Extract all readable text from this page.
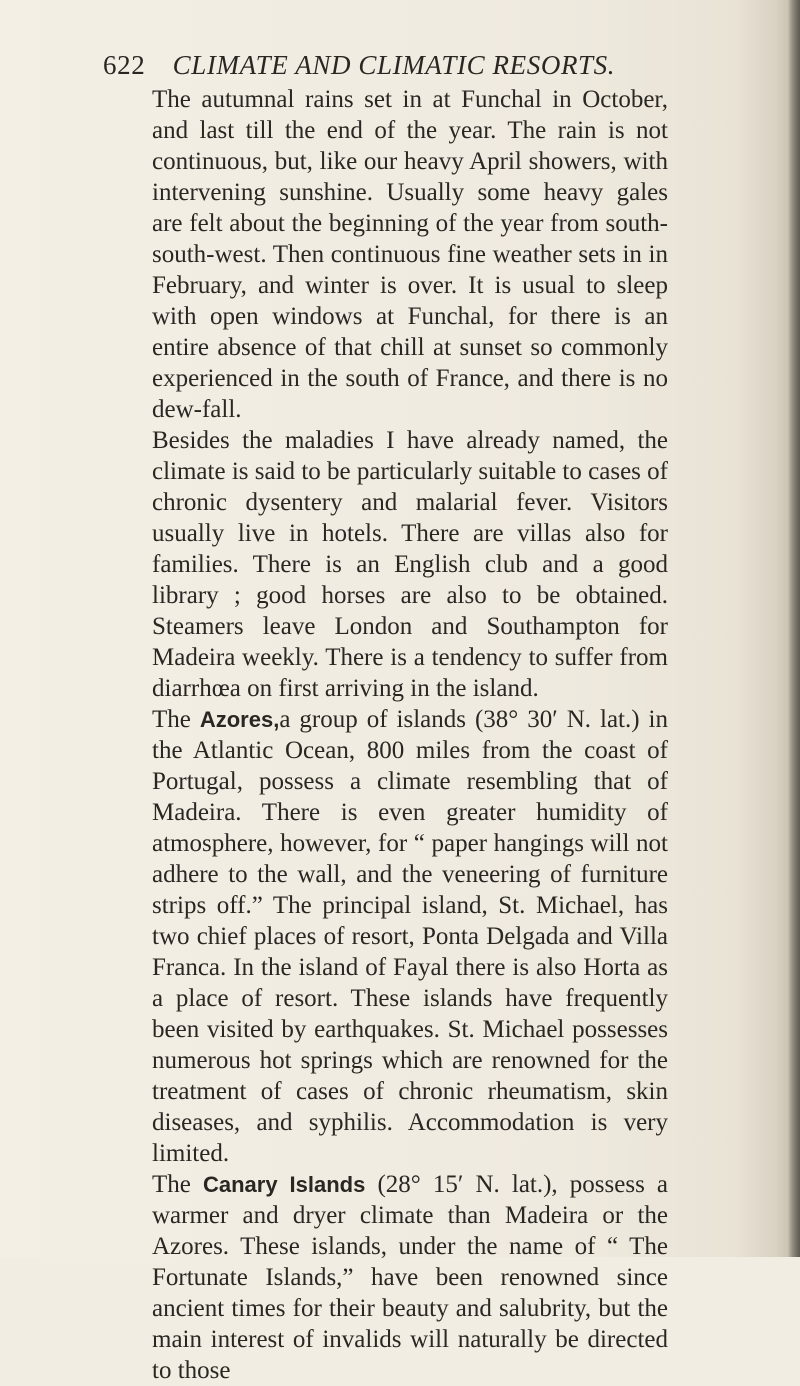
622 CLIMATE AND CLIMATIC RESORTS.

The autumnal rains set in at Funchal in October, and last till the end of the year. The rain is not continuous, but, like our heavy April showers, with intervening sunshine. Usually some heavy gales are felt about the beginning of the year from south-south-west. Then continuous fine weather sets in in February, and winter is over. It is usual to sleep with open windows at Funchal, for there is an entire absence of that chill at sunset so commonly experienced in the south of France, and there is no dew-fall.

Besides the maladies I have already named, the climate is said to be particularly suitable to cases of chronic dysentery and malarial fever. Visitors usually live in hotels. There are villas also for families. There is an English club and a good library ; good horses are also to be obtained. Steamers leave London and Southampton for Madeira weekly. There is a tendency to suffer from diarrhœa on first arriving in the island.

The Azores,a group of islands (38° 30′ N. lat.) in the Atlantic Ocean, 800 miles from the coast of Portugal, possess a climate resembling that of Madeira. There is even greater humidity of atmosphere, however, for “ paper hangings will not adhere to the wall, and the veneering of furniture strips off.” The principal island, St. Michael, has two chief places of resort, Ponta Delgada and Villa Franca. In the island of Fayal there is also Horta as a place of resort. These islands have frequently been visited by earthquakes. St. Michael possesses numerous hot springs which are renowned for the treatment of cases of chronic rheumatism, skin diseases, and syphilis. Accommodation is very limited.

The Canary Islands (28° 15′ N. lat.), possess a warmer and dryer climate than Madeira or the Azores. These islands, under the name of “ The Fortunate Islands,” have been renowned since ancient times for their beauty and salubrity, but the main interest of invalids will naturally be directed to those
